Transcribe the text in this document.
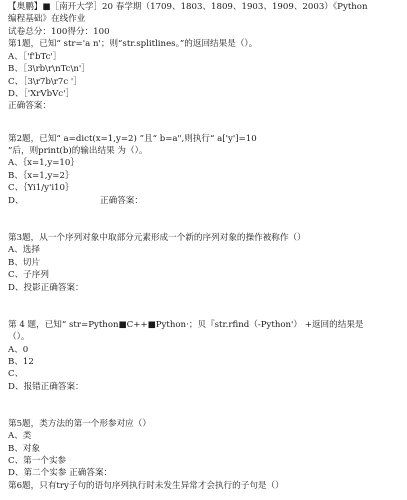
【奥鹏】■［南开大学］20 春学期（1709、1803、1809、1903、1909、2003）《Python
编程基础》在线作业
试卷总分：100得分：100
第1题，已知“ str='a n'；则“str.splitlines。”的返回结果是（）。
A、［'f'bTc'］
B、［3\rb\r\nTc\n'］
C、［3\r7b\r7c '］
D、［'XrVbVc'］
正确答案：
第2题，已知“ a=dict(x=1,y=2) ”且“ b=a",则执行“ a['y']=10
”后，则print(b)的输出结果 为（）。
A、｛x=1,y=10｝
B、｛x=1,y=2｝
C、｛Yi1/y'i10｝
D、	正确答案：
第3题，从一个序列对象中取部分元素形成一个新的序列对象的操作被称作（）
A、选择
B、切片
C、子序列
D、投影正确答案：
第 4 题，已知“ str=Python■C++■Python·；贝『str.rfind（-Python'） +返回的结果是
（）。
A、0
B、12
C、
D、报错正确答案：
第5题，类方法的第一个形参对应（）
A、类
B、对象
C、第一个实参
D、第二个实参 正确答案：
第6题，只有try子句的语句序列执行时未发生异常才会执行的子句是（）
